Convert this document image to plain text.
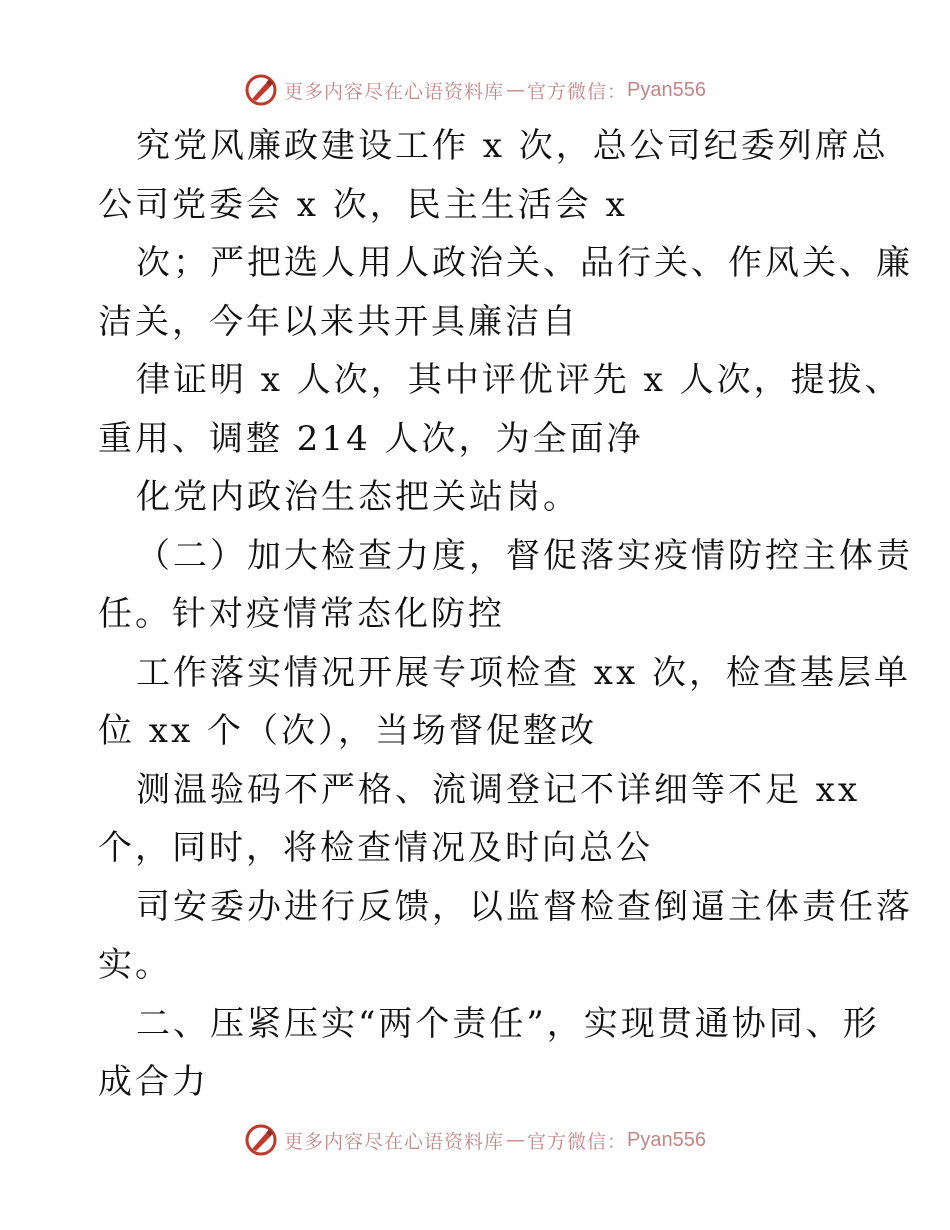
更多内容尽在心语资料库 — 官方微信： Pyan556
究党风廉政建设工作 x 次，总公司纪委列席总
公司党委会 x 次，民主生活会 x
次；严把选人用人政治关、品行关、作风关、廉
洁关，今年以来共开具廉洁自
律证明 x 人次，其中评优评先 x 人次，提拔、
重用、调整 214 人次，为全面净
化党内政治生态把关站岗。
（二）加大检查力度，督促落实疫情防控主体责
任。针对疫情常态化防控
工作落实情况开展专项检查 xx 次，检查基层单
位 xx 个（次），当场督促整改
测温验码不严格、流调登记不详细等不足 xx
个，同时，将检查情况及时向总公
司安委办进行反馈，以监督检查倒逼主体责任落
实。
二、压紧压实“两个责任”，实现贯通协同、形
成合力
更多内容尽在心语资料库 — 官方微信： Pyan556
